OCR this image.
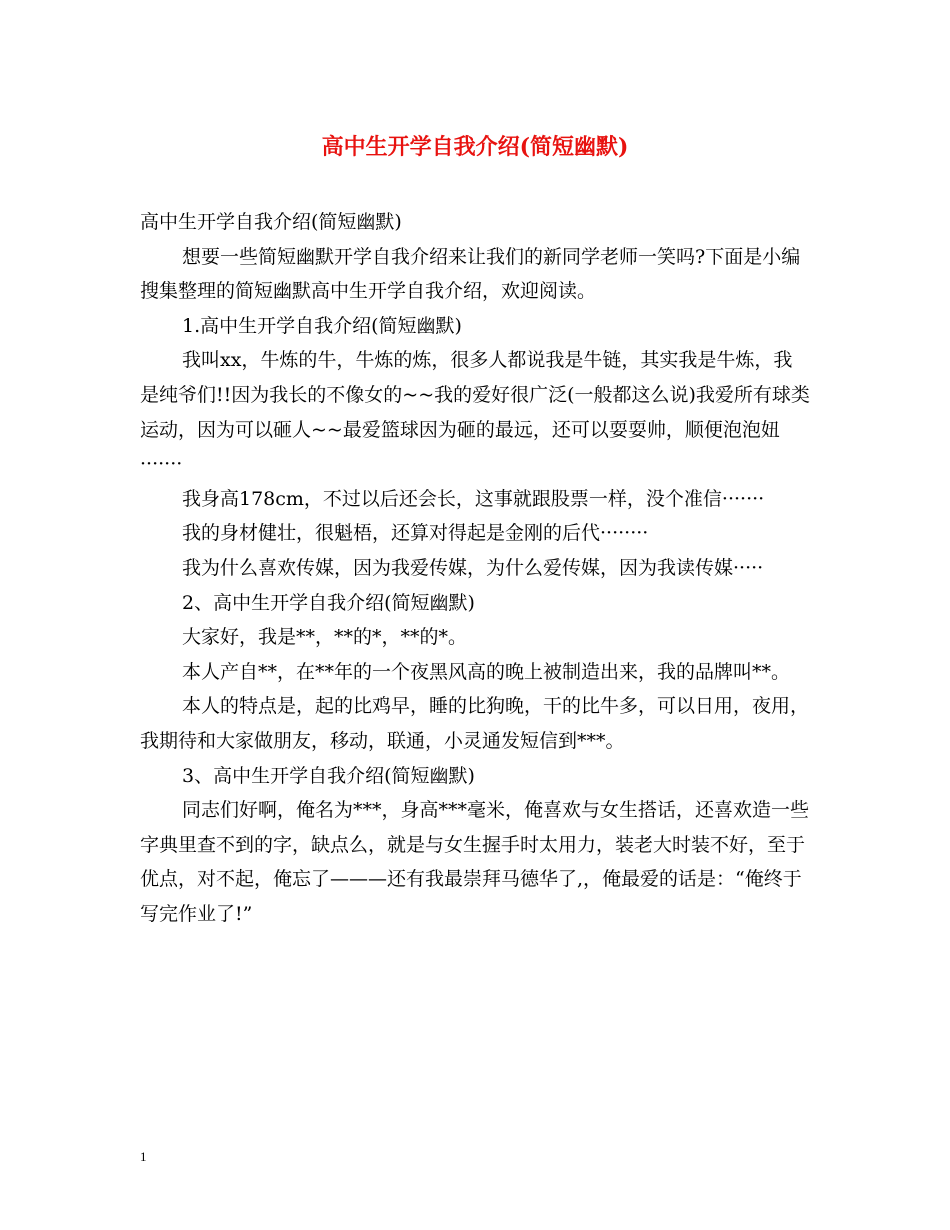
高中生开学自我介绍(简短幽默)

高中生开学自我介绍(简短幽默)

想要一些简短幽默开学自我介绍来让我们的新同学老师一笑吗?下面是小编搜集整理的简短幽默高中生开学自我介绍，欢迎阅读。

1.高中生开学自我介绍(简短幽默)

我叫xx，牛炼的牛，牛炼的炼，很多人都说我是牛链，其实我是牛炼，我是纯爷们!!因为我长的不像女的~~我的爱好很广泛(一般都这么说)我爱所有球类运动，因为可以砸人~~最爱篮球因为砸的最远，还可以耍耍帅，顺便泡泡妞·······

我身高178cm，不过以后还会长，这事就跟股票一样，没个准信·······

我的身材健壮，很魁梧，还算对得起是金刚的后代········

我为什么喜欢传媒，因为我爱传媒，为什么爱传媒，因为我读传媒·····

2、高中生开学自我介绍(简短幽默)

大家好，我是**，**的*，**的*。

本人产自**，在**年的一个夜黑风高的晚上被制造出来，我的品牌叫**。

本人的特点是，起的比鸡早，睡的比狗晚，干的比牛多，可以日用，夜用，我期待和大家做朋友，移动，联通，小灵通发短信到***。

3、高中生开学自我介绍(简短幽默)

同志们好啊，俺名为***，身高***毫米，俺喜欢与女生搭话，还喜欢造一些字典里查不到的字，缺点么，就是与女生握手时太用力，装老大时装不好，至于优点，对不起，俺忘了———还有我最崇拜马德华了,，俺最爱的话是：“俺终于写完作业了!”

1
